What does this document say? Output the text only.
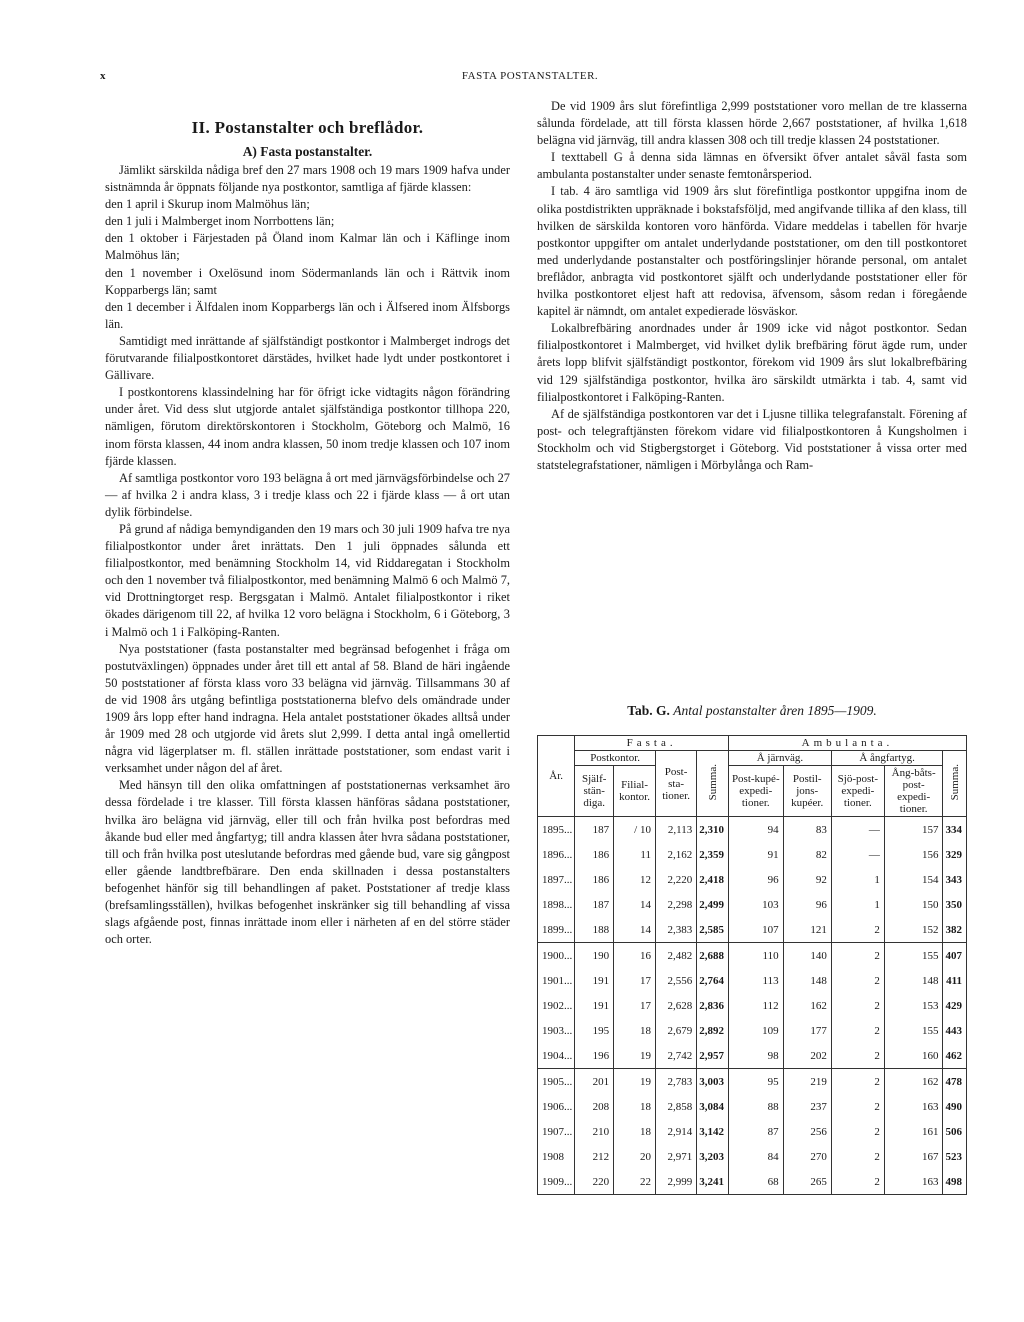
x	FASTA POSTANSTALTER.
II. Postanstalter och breflådor.
A) Fasta postanstalter.

Jämlikt särskilda nådiga bref den 27 mars 1908 och 19 mars 1909 hafva under sistnämnda år öppnats följande nya postkontor, samtliga af fjärde klassen:

den 1 april i Skurup inom Malmöhus län;

den 1 juli i Malmberget inom Norrbottens län;

den 1 oktober i Färjestaden på Öland inom Kalmar län och i Käflinge inom Malmöhus län;

den 1 november i Oxelösund inom Södermanlands län och i Rättvik inom Kopparbergs län; samt

den 1 december i Älfdalen inom Kopparbergs län och i Älfsered inom Älfsborgs län.

Samtidigt med inrättande af själfständigt postkontor i Malmberget indrogs det förutvarande filialpostkontoret därstädes, hvilket hade lydt under postkontoret i Gällivare.

I postkontorens klassindelning har för öfrigt icke vidtagits någon förändring under året. Vid dess slut utgjorde antalet själfständiga postkontor tillhopa 220, nämligen, förutom direktörskontoren i Stockholm, Göteborg och Malmö, 16 inom första klassen, 44 inom andra klassen, 50 inom tredje klassen och 107 inom fjärde klassen.

Af samtliga postkontor voro 193 belägna å ort med järnvägsförbindelse och 27 — af hvilka 2 i andra klass, 3 i tredje klass och 22 i fjärde klass — å ort utan dylik förbindelse.

På grund af nådiga bemyndiganden den 19 mars och 30 juli 1909 hafva tre nya filialpostkontor under året inrättats. Den 1 juli öppnades sålunda ett filialpostkontor, med benämning Stockholm 14, vid Riddaregatan i Stockholm och den 1 november två filialpostkontor, med benämning Malmö 6 och Malmö 7, vid Drottningtorget resp. Bergsgatan i Malmö. Antalet filialpostkontor i riket ökades därigenom till 22, af hvilka 12 voro belägna i Stockholm, 6 i Göteborg, 3 i Malmö och 1 i Falköping-Ranten.

Nya poststationer (fasta postanstalter med begränsad befogenhet i fråga om postutväxlingen) öppnades under året till ett antal af 58. Bland de häri ingående 50 poststationer af första klass voro 33 belägna vid järnväg. Tillsammans 30 af de vid 1908 års utgång befintliga poststationerna blefvo dels omändrade under 1909 års lopp efter hand indragna. Hela antalet poststationer ökades alltså under år 1909 med 28 och utgjorde vid årets slut 2,999. I detta antal ingå omellertid några vid lägerplatser m. fl. ställen inrättade poststationer, som endast varit i verksamhet under någon del af året.

Med hänsyn till den olika omfattningen af poststationernas verksamhet äro dessa fördelade i tre klasser. Till första klassen hänföras sådana poststationer, hvilka äro belägna vid järnväg, eller till och från hvilka post befordras med åkande bud eller med ångfartyg; till andra klassen åter hvra sådana poststationer, till och från hvilka post uteslutande befordras med gående bud, vare sig gångpost eller gående landtbrefbärare. Den enda skillnaden i dessa postanstalters befogenhet hänför sig till behandlingen af paket. Poststationer af tredje klass (brefsamlingsställen), hvilkas befogenhet inskränker sig till behandling af vissa slags afgående post, finnas inrättade inom eller i närheten af en del större städer och orter.

De vid 1909 års slut förefintliga 2,999 poststationer voro mellan de tre klasserna sålunda fördelade, att till första klassen hörde 2,667 poststationer, af hvilka 1,618 belägna vid järnväg, till andra klassen 308 och till tredje klassen 24 poststationer.

I texttabell G å denna sida lämnas en öfversikt öfver antalet såväl fasta som ambulanta postanstalter under senaste femtonårsperiod.

I tab. 4 äro samtliga vid 1909 års slut förefintliga postkontor uppgifna inom de olika postdistrikten uppräknade i bokstafsföljd, med angifvande tillika af den klass, till hvilken de särskilda kontoren voro hänförda. Vidare meddelas i tabellen för hvarje postkontor uppgifter om antalet underlydande poststationer, om den till postkontoret med underlydande postanstalter och postföringslinjer hörande personal, om antalet breflådor, anbragta vid postkontoret själft och underlydande poststationer eller för hvilka postkontoret eljest haft att redovisa, äfvensom, såsom redan i föregående kapitel är nämndt, om antalet expedierade lösväskor.

Lokalbrefbäring anordnades under år 1909 icke vid något postkontor. Sedan filialpostkontoret i Malmberget, vid hvilket dylik brefbäring förut ägde rum, under årets lopp blifvit själfständigt postkontor, förekom vid 1909 års slut lokalbrefbäring vid 129 själfständiga postkontor, hvilka äro särskildt utmärkta i tab. 4, samt vid filialpostkontoret i Falköping-Ranten.

Af de själfständiga postkontoren var det i Ljusne tillika telegrafanstalt. Förening af post- och telegraftjänsten förekom vidare vid filialpostkontoren å Kungsholmen i Stockholm och vid Stigbergstorget i Göteborg. Vid poststationer å vissa orter med statstelegrafstationer, nämligen i Mörbylånga och Ram-

Tab. G. Antal postanstalter åren 1895—1909.
År.	Fasta.				Ambulanta.				
	Postkontor.		Post-sta-tioner.	Summa.	Å järnväg.		Å ångfartyg.		Summa.
	Själf-stän-diga.	Filial-kontor.			Post-kupé-expedi-tioner.	Postil-jons-kupéer.	Sjö-post-expedi-tioner.	Ång-båts-post-expedi-tioner.	
1895...	187	/ 10	2,113	2,310	94	83	—	157	334
1896...	186	11	2,162	2,359	91	82	—	156	329
1897...	186	12	2,220	2,418	96	92	1	154	343
1898...	187	14	2,298	2,499	103	96	1	150	350
1899...	188	14	2,383	2,585	107	121	2	152	382
1900...	190	16	2,482	2,688	110	140	2	155	407
1901...	191	17	2,556	2,764	113	148	2	148	411
1902...	191	17	2,628	2,836	112	162	2	153	429
1903...	195	18	2,679	2,892	109	177	2	155	443
1904...	196	19	2,742	2,957	98	202	2	160	462
1905...	201	19	2,783	3,003	95	219	2	162	478
1906...	208	18	2,858	3,084	88	237	2	163	490
1907...	210	18	2,914	3,142	87	256	2	161	506
1908	212	20	2,971	3,203	84	270	2	167	523
1909...	220	22	2,999	3,241	68	265	2	163	498
